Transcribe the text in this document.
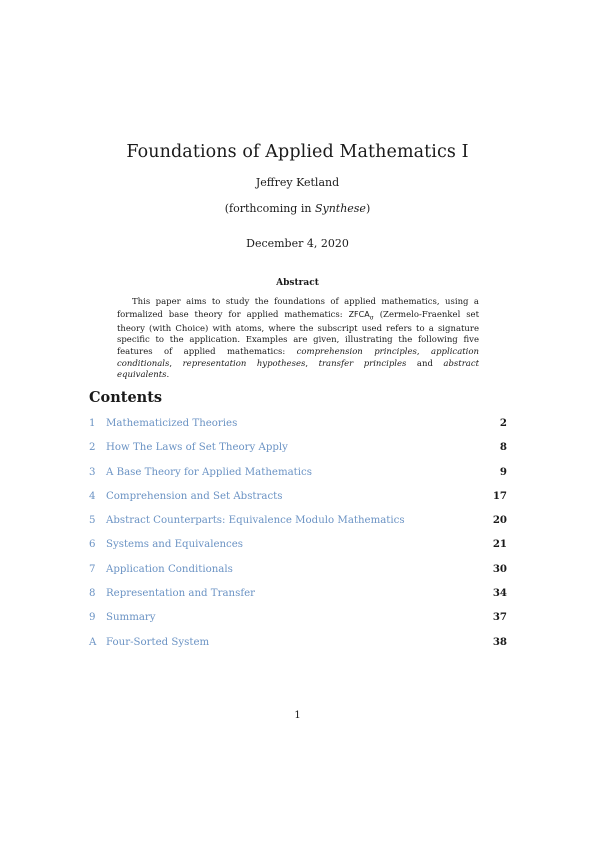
Foundations of Applied Mathematics I
Jeffrey Ketland
(forthcoming in Synthese)
December 4, 2020
Abstract
This paper aims to study the foundations of applied mathematics, using a formalized base theory for applied mathematics: $ZFCA_\sigma$ (Zermelo-Fraenkel set theory (with Choice) with atoms, where the subscript used refers to a signature specific to the application. Examples are given, illustrating the following five features of applied mathematics: comprehension principles, application conditionals, representation hypotheses, transfer principles and abstract equivalents.
Contents
1	Mathematicized Theories	2
2	How The Laws of Set Theory Apply	8
3	A Base Theory for Applied Mathematics	9
4	Comprehension and Set Abstracts	17
5	Abstract Counterparts: Equivalence Modulo Mathematics	20
6	Systems and Equivalences	21
7	Application Conditionals	30
8	Representation and Transfer	34
9	Summary	37
A Four-Sorted System	38
1
